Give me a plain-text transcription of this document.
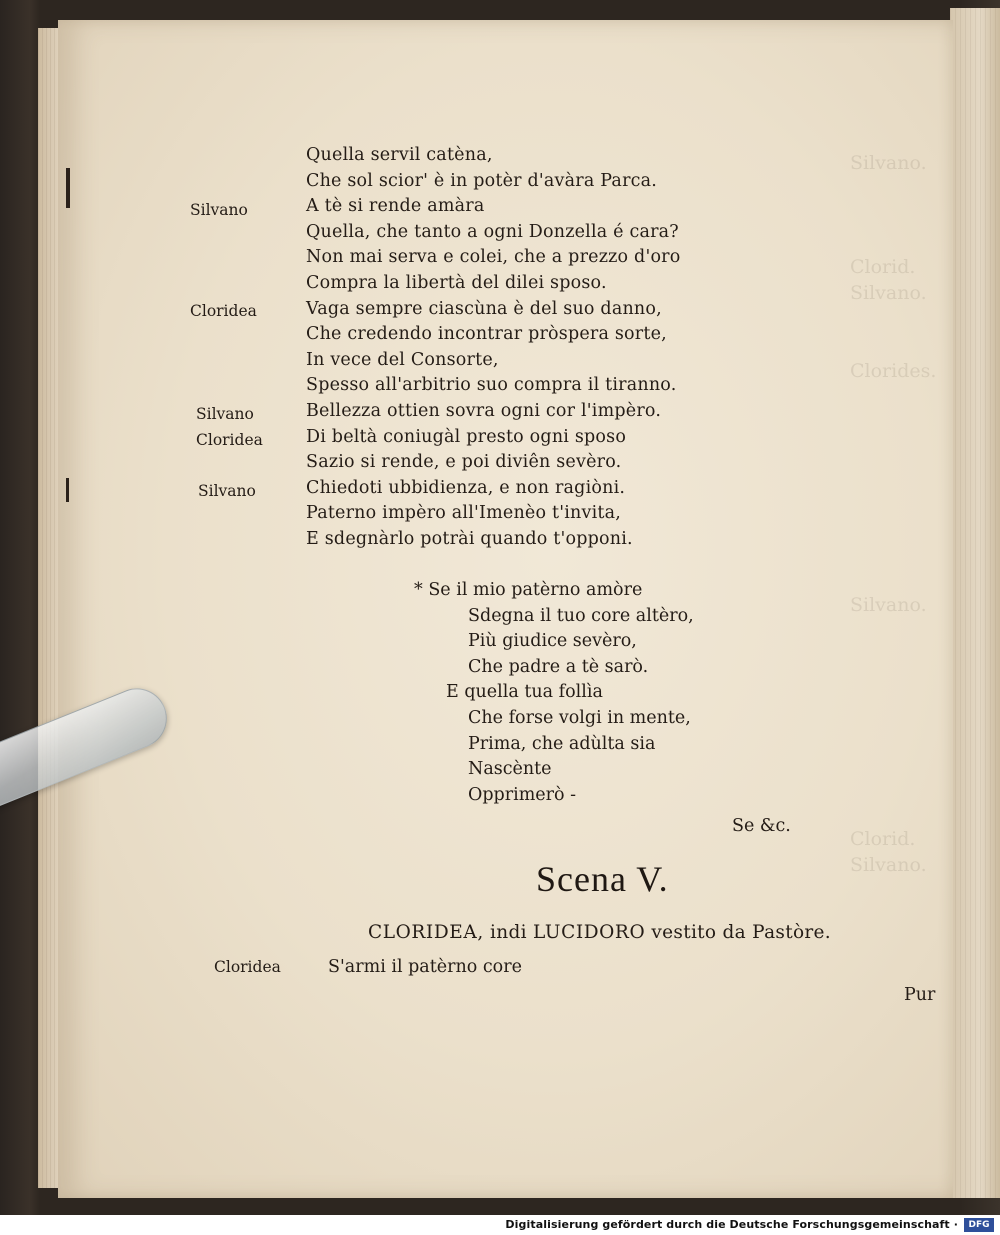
Silvano.

Clorid.
Silvano.

Clorides.

Silvano.

Clorid.
Silvano.
Quella servil catèna,
Che sol scior' è in potèr d'avàra Parca.
A tè si rende amàra
Quella, che tanto a ogni Donzella é cara?
Non mai serva e colei, che a prezzo d'oro
Compra la libertà del dilei sposo.
Vaga sempre ciascùna è del suo danno,
Che credendo incontrar pròspera sorte,
In vece del Consorte,
Spesso all'arbitrio suo compra il tiranno.
Bellezza ottien sovra ogni cor l'impèro.
Di beltà coniugàl presto ogni sposo
Sazio si rende, e poi diviên sevèro.
Chiedoti ubbidienza, e non ragiòni.
Paterno impèro all'Imenèo t'invita,
E sdegnàrlo potrài quando t'opponi.
Silvano
Cloridea
Silvano
Cloridea
Silvano
* Se il mio patèrno amòre
Sdegna il tuo core altèro,
Più giudice sevèro,
Che padre a tè sarò.
E quella tua follìa
Che forse volgi in mente,
Prima, che adùlta sia
Nascènte
Opprimerò -
Se &c.
Scena V.
CLORIDEA, indi LUCIDORO vestito da Pastòre.
Cloridea	S'armi il patèrno core
Pur
Digitalisierung gefördert durch die Deutsche Forschungsgemeinschaft ·	DFG
